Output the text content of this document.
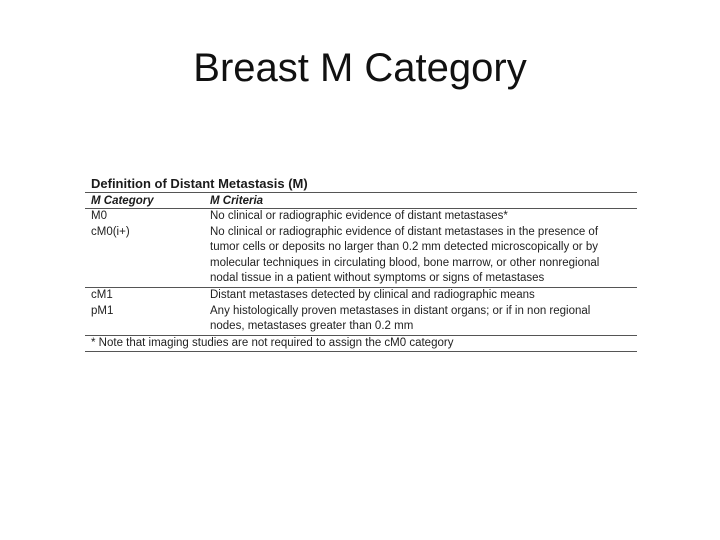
Breast M Category
Definition of Distant Metastasis (M)
M Category	M Criteria
M0	No clinical or radiographic evidence of distant metastases*
cM0(i+)	No clinical or radiographic evidence of distant metastases in the presence of
tumor cells or deposits no larger than 0.2 mm detected microscopically or by
molecular techniques in circulating blood, bone marrow, or other nonregional
nodal tissue in a patient without symptoms or signs of metastases
cM1	Distant metastases detected by clinical and radiographic means
pM1	Any histologically proven metastases in distant organs; or if in non regional
nodes, metastases greater than 0.2 mm
* Note that imaging studies are not required to assign the cM0 category
